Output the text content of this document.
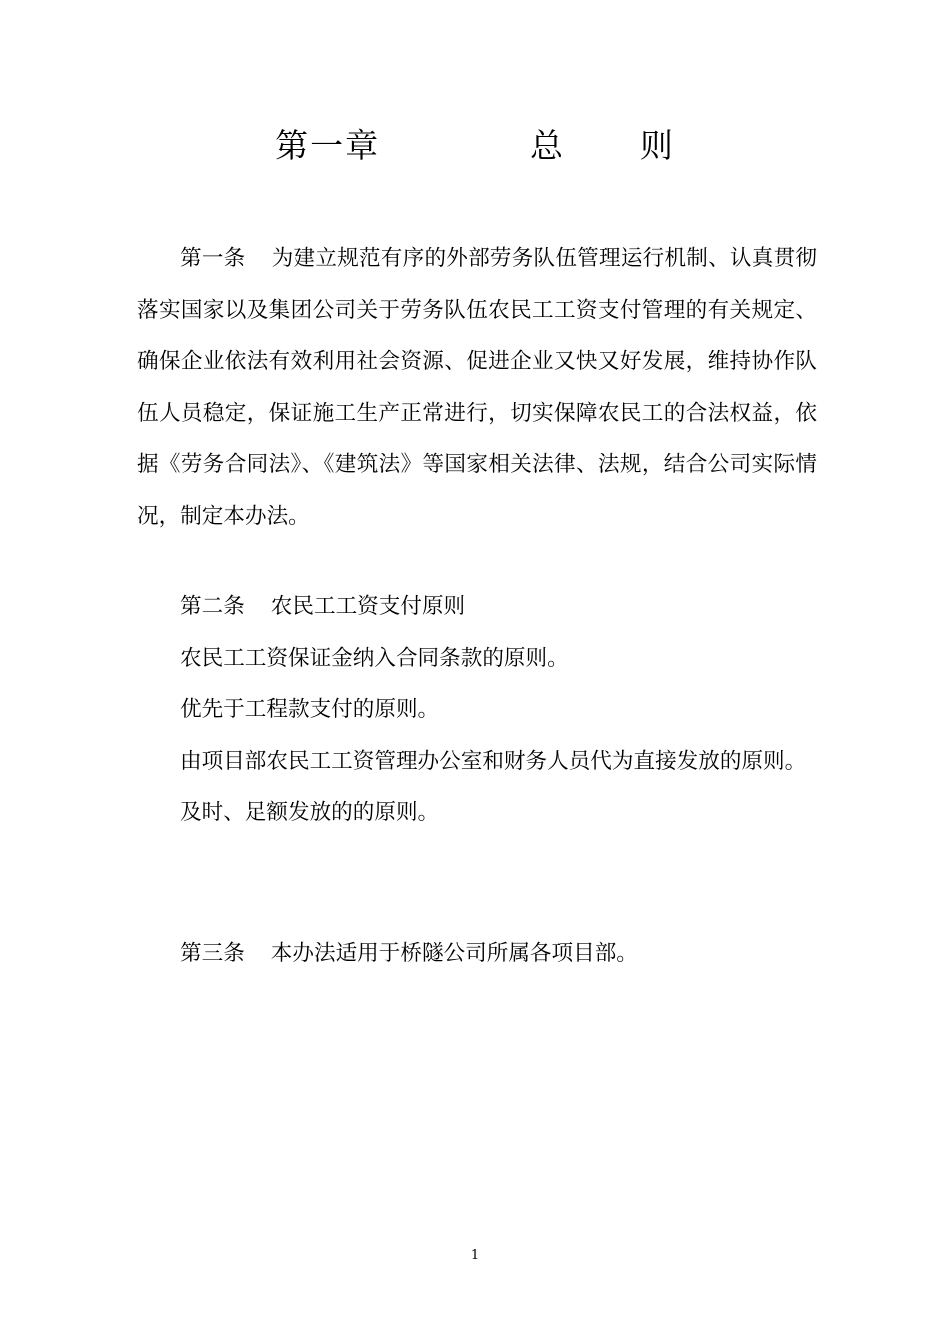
第一章            总      则

第一条 为建立规范有序的外部劳务队伍管理运行机制、认真贯彻落实国家以及集团公司关于劳务队伍农民工工资支付管理的有关规定、确保企业依法有效利用社会资源、促进企业又快又好发展，维持协作队伍人员稳定，保证施工生产正常进行，切实保障农民工的合法权益，依据《劳务合同法》、《建筑法》等国家相关法律、法规，结合公司实际情况，制定本办法。

第二条 农民工工资支付原则

农民工工资保证金纳入合同条款的原则。

优先于工程款支付的原则。

由项目部农民工工资管理办公室和财务人员代为直接发放的原则。

及时、足额发放的的原则。

第三条 本办法适用于桥隧公司所属各项目部。

1
